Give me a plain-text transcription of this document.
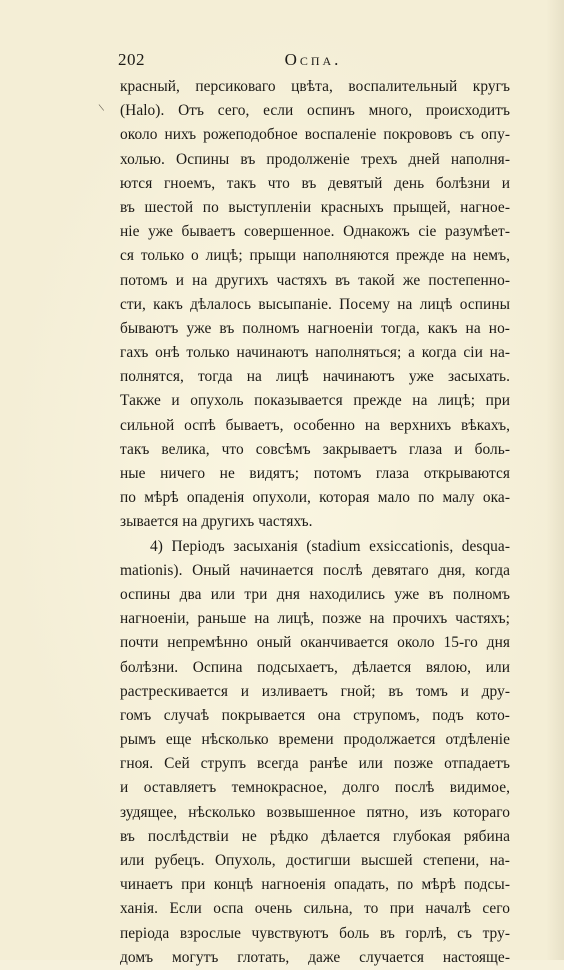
202	Оспа.
\
красный, персиковаго цвѣта, воспалительный кругъ
(Halo). Отъ сего, если оспинъ много, происходитъ
около нихъ рожеподобное воспаленіе покрововъ съ опу-
холью. Оспины въ продолженіе трехъ дней наполня-
ются гноемъ, такъ что въ девятый день болѣзни и
въ шестой по выступленіи красныхъ прыщей, нагное-
ніе уже бываетъ совершенное. Однакожъ сіе разумѣет-
ся только о лицѣ; прыщи наполняются прежде на немъ,
потомъ и на другихъ частяхъ въ такой же постепенно-
сти, какъ дѣлалось высыпаніе. Посему на лицѣ оспины
бываютъ уже въ полномъ нагноеніи тогда, какъ на но-
гахъ онѣ только начинаютъ наполняться; а когда сіи на-
полнятся, тогда на лицѣ начинаютъ уже засыхать.
Также и опухоль показывается прежде на лицѣ; при
сильной оспѣ бываетъ, особенно на верхнихъ вѣкахъ,
такъ велика, что совсѣмъ закрываетъ глаза и боль-
ные ничего не видятъ; потомъ глаза открываются
по мѣрѣ опаденія опухоли, которая мало по малу ока-
зывается на другихъ частяхъ.
4) Періодъ засыханія (stadium exsiccationis, desqua-
mationis). Оный начинается послѣ девятаго дня, когда
оспины два или три дня находились уже въ полномъ
нагноеніи, раньше на лицѣ, позже на прочихъ частяхъ;
почти непремѣнно оный оканчивается около 15-го дня
болѣзни. Оспина подсыхаетъ, дѣлается вялою, или
растрескивается и изливаетъ гной; въ томъ и дру-
гомъ случаѣ покрывается она струпомъ, подъ кото-
рымъ еще нѣсколько времени продолжается отдѣленіе
гноя. Сей струпъ всегда ранѣе или позже отпадаетъ
и оставляетъ темнокрасное, долго послѣ видимое,
зудящее, нѣсколько возвышенное пятно, изъ котораго
въ послѣдствіи не рѣдко дѣлается глубокая рябина
или рубецъ. Опухоль, достигши высшей степени, на-
чинаетъ при концѣ нагноенія опадать, по мѣрѣ подсы-
ханія. Если оспа очень сильна, то при началѣ сего
періода взрослые чувствуютъ боль въ горлѣ, съ тру-
домъ могутъ глотать, даже случается настояще-
